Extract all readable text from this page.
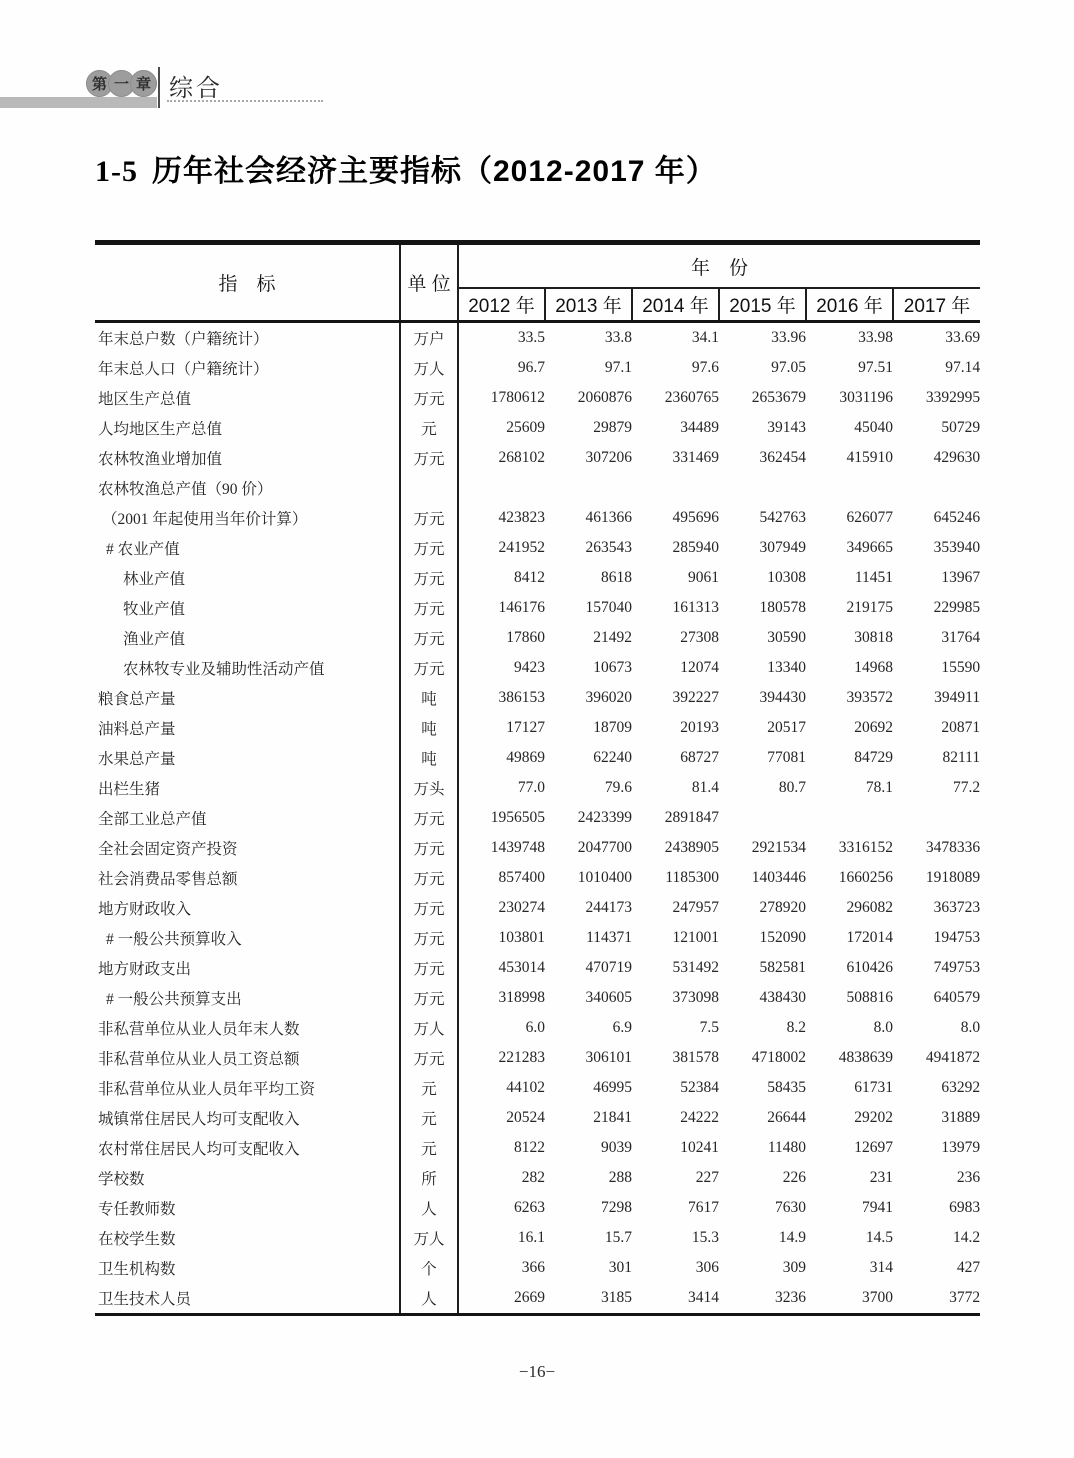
第 一 章 综合
1-5 历年社会经济主要指标（2012-2017 年）
指　标	单 位	年　份					
		2012 年	2013 年	2014 年	2015 年	2016 年	2017 年
年末总户数（户籍统计）	万户	33.5	33.8	34.1	33.96	33.98	33.69
年末总人口（户籍统计）	万人	96.7	97.1	97.6	97.05	97.51	97.14
地区生产总值	万元	1780612	2060876	2360765	2653679	3031196	3392995
人均地区生产总值	元	25609	29879	34489	39143	45040	50729
农林牧渔业增加值	万元	268102	307206	331469	362454	415910	429630
农林牧渔总产值（90 价）							
（2001 年起使用当年价计算）	万元	423823	461366	495696	542763	626077	645246
# 农业产值	万元	241952	263543	285940	307949	349665	353940
林业产值	万元	8412	8618	9061	10308	11451	13967
牧业产值	万元	146176	157040	161313	180578	219175	229985
渔业产值	万元	17860	21492	27308	30590	30818	31764
农林牧专业及辅助性活动产值	万元	9423	10673	12074	13340	14968	15590
粮食总产量	吨	386153	396020	392227	394430	393572	394911
油料总产量	吨	17127	18709	20193	20517	20692	20871
水果总产量	吨	49869	62240	68727	77081	84729	82111
出栏生猪	万头	77.0	79.6	81.4	80.7	78.1	77.2
全部工业总产值	万元	1956505	2423399	2891847			
全社会固定资产投资	万元	1439748	2047700	2438905	2921534	3316152	3478336
社会消费品零售总额	万元	857400	1010400	1185300	1403446	1660256	1918089
地方财政收入	万元	230274	244173	247957	278920	296082	363723
# 一般公共预算收入	万元	103801	114371	121001	152090	172014	194753
地方财政支出	万元	453014	470719	531492	582581	610426	749753
# 一般公共预算支出	万元	318998	340605	373098	438430	508816	640579
非私营单位从业人员年末人数	万人	6.0	6.9	7.5	8.2	8.0	8.0
非私营单位从业人员工资总额	万元	221283	306101	381578	4718002	4838639	4941872
非私营单位从业人员年平均工资	元	44102	46995	52384	58435	61731	63292
城镇常住居民人均可支配收入	元	20524	21841	24222	26644	29202	31889
农村常住居民人均可支配收入	元	8122	9039	10241	11480	12697	13979
学校数	所	282	288	227	226	231	236
专任教师数	人	6263	7298	7617	7630	7941	6983
在校学生数	万人	16.1	15.7	15.3	14.9	14.5	14.2
卫生机构数	个	366	301	306	309	314	427
卫生技术人员	人	2669	3185	3414	3236	3700	3772
−16−
